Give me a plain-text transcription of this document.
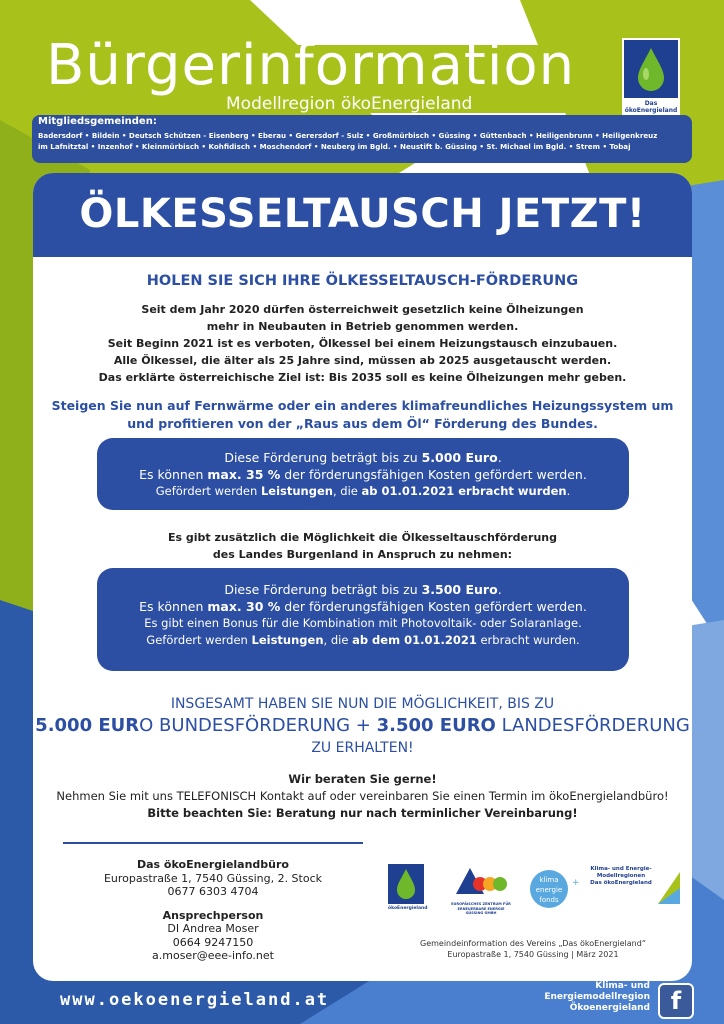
Bürgerinformation
Modellregion ökoEnergieland	Das ökoEnergieland
Mitgliedsgemeinden:
Badersdorf • Bildein • Deutsch Schützen - Eisenberg • Eberau • Gerersdorf - Sulz • Großmürbisch • Güssing • Güttenbach • Heiligenbrunn • Heiligenkreuz
im Lafnitztal • Inzenhof • Kleinmürbisch • Kohfidisch • Moschendorf • Neuberg im Bgld. • Neustift b. Güssing • St. Michael im Bgld. • Strem • Tobaj
ÖLKESSELTAUSCH JETZT!
HOLEN SIE SICH IHRE ÖLKESSELTAUSCH-FÖRDERUNG
Seit dem Jahr 2020 dürfen österreichweit gesetzlich keine Ölheizungen
mehr in Neubauten in Betrieb genommen werden.
Seit Beginn 2021 ist es verboten, Ölkessel bei einem Heizungstausch einzubauen.
Alle Ölkessel, die älter als 25 Jahre sind, müssen ab 2025 ausgetauscht werden.
Das erklärte österreichische Ziel ist: Bis 2035 soll es keine Ölheizungen mehr geben.
Steigen Sie nun auf Fernwärme oder ein anderes klimafreundliches Heizungssystem um
und profitieren von der „Raus aus dem Öl“ Förderung des Bundes.
Diese Förderung beträgt bis zu 5.000 Euro.
Es können max. 35 % der förderungsfähigen Kosten gefördert werden.
Gefördert werden Leistungen, die ab 01.01.2021 erbracht wurden.
Es gibt zusätzlich die Möglichkeit die Ölkesseltauschförderung
des Landes Burgenland in Anspruch zu nehmen:
Diese Förderung beträgt bis zu 3.500 Euro.
Es können max. 30 % der förderungsfähigen Kosten gefördert werden.
Es gibt einen Bonus für die Kombination mit Photovoltaik- oder Solaranlage.
Gefördert werden Leistungen, die ab dem 01.01.2021 erbracht wurden.
INSGESAMT HABEN SIE NUN DIE MÖGLICHKEIT, BIS ZU
5.000 EURO BUNDESFÖRDERUNG + 3.500 EURO LANDESFÖRDERUNG
ZU ERHALTEN!
Wir beraten Sie gerne!
Nehmen Sie mit uns TELEFONISCH Kontakt auf oder vereinbaren Sie einen Termin im ökoEnergielandbüro!
Bitte beachten Sie: Beratung nur nach terminlicher Vereinbarung!
Das ökoEnergielandbüro
Europastraße 1, 7540 Güssing, 2. Stock
0677 6303 4704
Ansprechperson
DI Andrea Moser
0664 9247150
a.moser@eee-info.net
ökoEnergieland
EUROPÄISCHES ZENTRUM FÜR ERNEUERBARE ENERGIE GÜSSING GMBH
klima
energie
fonds
+
Klima- und Energie-
Modellregionen
Das ökoEnergieland
Gemeindeinformation des Vereins „Das ökoEnergieland“
Europastraße 1, 7540 Güssing | März 2021
www.oekoenergieland.at
Klima- und
Energiemodellregion
Ökoenergieland f
